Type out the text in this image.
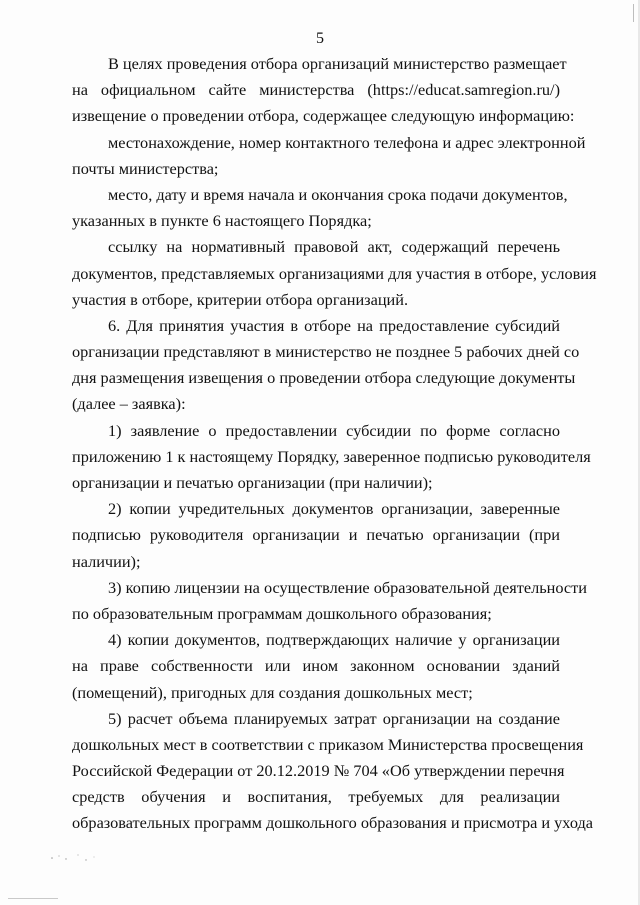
5
В целях проведения отбора организаций министерство размещает
на официальном сайте министерства (https://educat.samregion.ru/)
извещение о проведении отбора, содержащее следующую информацию:
местонахождение, номер контактного телефона и адрес электронной
почты министерства;
место, дату и время начала и окончания срока подачи документов,
указанных в пункте 6 настоящего Порядка;
ссылку на нормативный правовой акт, содержащий перечень
документов, представляемых организациями для участия в отборе, условия
участия в отборе, критерии отбора организаций.
6. Для принятия участия в отборе на предоставление субсидий
организации представляют в министерство не позднее 5 рабочих дней со
дня размещения извещения о проведении отбора следующие документы
(далее – заявка):
1) заявление о предоставлении субсидии по форме согласно
приложению 1 к настоящему Порядку, заверенное подписью руководителя
организации и печатью организации (при наличии);
2) копии учредительных документов организации, заверенные
подписью руководителя организации и печатью организации (при
наличии);
3) копию лицензии на осуществление образовательной деятельности
по образовательным программам дошкольного образования;
4) копии документов, подтверждающих наличие у организации
на праве собственности или ином законном основании зданий
(помещений), пригодных для создания дошкольных мест;
5) расчет объема планируемых затрат организации на создание
дошкольных мест в соответствии с приказом Министерства просвещения
Российской Федерации от 20.12.2019 № 704 «Об утверждении перечня
средств обучения и воспитания, требуемых для реализации
образовательных программ дошкольного образования и присмотра и ухода
